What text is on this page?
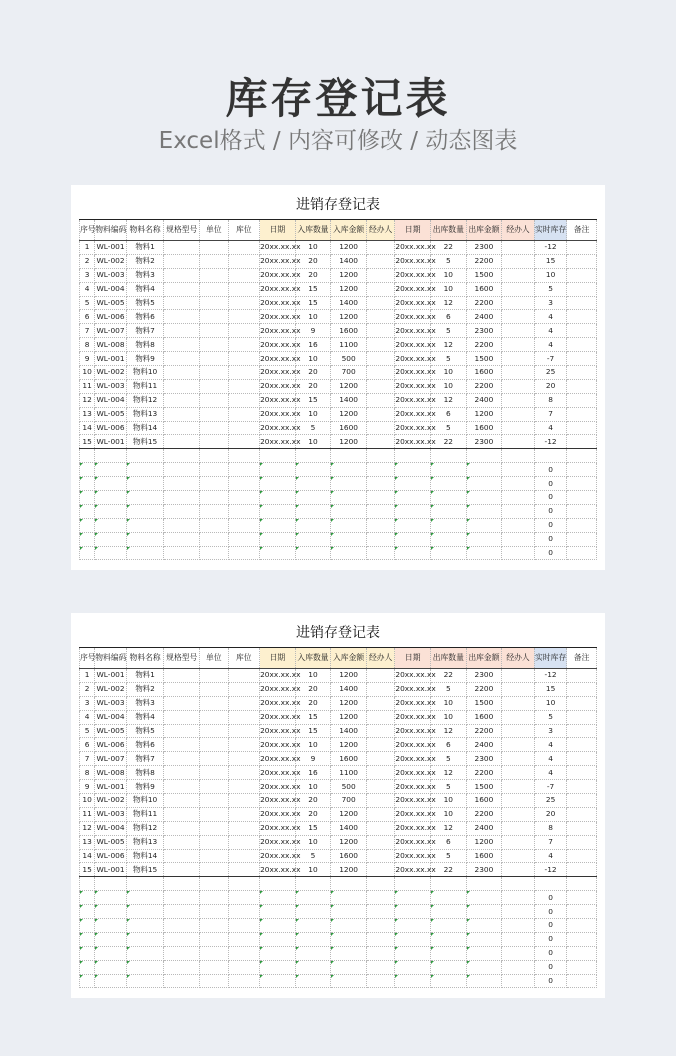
库存登记表
Excel格式 / 内容可修改 / 动态图表
进销存登记表
序号	物料编码	物料名称	规格型号	单位	库位	日期	入库数量	入库金额	经办人	日期	出库数量	出库金额	经办人	实时库存	备注
1	WL-001	物料1				20xx.xx.xx	10	1200		20xx.xx.xx	22	2300		-12	
2	WL-002	物料2				20xx.xx.xx	20	1400		20xx.xx.xx	5	2200		15	
3	WL-003	物料3				20xx.xx.xx	20	1200		20xx.xx.xx	10	1500		10	
4	WL-004	物料4				20xx.xx.xx	15	1200		20xx.xx.xx	10	1600		5	
5	WL-005	物料5				20xx.xx.xx	15	1400		20xx.xx.xx	12	2200		3	
6	WL-006	物料6				20xx.xx.xx	10	1200		20xx.xx.xx	6	2400		4	
7	WL-007	物料7				20xx.xx.xx	9	1600		20xx.xx.xx	5	2300		4	
8	WL-008	物料8				20xx.xx.xx	16	1100		20xx.xx.xx	12	2200		4	
9	WL-001	物料9				20xx.xx.xx	10	500		20xx.xx.xx	5	1500		-7	
10	WL-002	物料10				20xx.xx.xx	20	700		20xx.xx.xx	10	1600		25	
11	WL-003	物料11				20xx.xx.xx	20	1200		20xx.xx.xx	10	2200		20	
12	WL-004	物料12				20xx.xx.xx	15	1400		20xx.xx.xx	12	2400		8	
13	WL-005	物料13				20xx.xx.xx	10	1200		20xx.xx.xx	6	1200		7	
14	WL-006	物料14				20xx.xx.xx	5	1600		20xx.xx.xx	5	1600		4	
15	WL-001	物料15				20xx.xx.xx	10	1200		20xx.xx.xx	22	2300		-12	

														0	
														0	
														0	
														0	
														0	
														0	
														0	
进销存登记表
序号	物料编码	物料名称	规格型号	单位	库位	日期	入库数量	入库金额	经办人	日期	出库数量	出库金额	经办人	实时库存	备注
1	WL-001	物料1				20xx.xx.xx	10	1200		20xx.xx.xx	22	2300		-12	
2	WL-002	物料2				20xx.xx.xx	20	1400		20xx.xx.xx	5	2200		15	
3	WL-003	物料3				20xx.xx.xx	20	1200		20xx.xx.xx	10	1500		10	
4	WL-004	物料4				20xx.xx.xx	15	1200		20xx.xx.xx	10	1600		5	
5	WL-005	物料5				20xx.xx.xx	15	1400		20xx.xx.xx	12	2200		3	
6	WL-006	物料6				20xx.xx.xx	10	1200		20xx.xx.xx	6	2400		4	
7	WL-007	物料7				20xx.xx.xx	9	1600		20xx.xx.xx	5	2300		4	
8	WL-008	物料8				20xx.xx.xx	16	1100		20xx.xx.xx	12	2200		4	
9	WL-001	物料9				20xx.xx.xx	10	500		20xx.xx.xx	5	1500		-7	
10	WL-002	物料10				20xx.xx.xx	20	700		20xx.xx.xx	10	1600		25	
11	WL-003	物料11				20xx.xx.xx	20	1200		20xx.xx.xx	10	2200		20	
12	WL-004	物料12				20xx.xx.xx	15	1400		20xx.xx.xx	12	2400		8	
13	WL-005	物料13				20xx.xx.xx	10	1200		20xx.xx.xx	6	1200		7	
14	WL-006	物料14				20xx.xx.xx	5	1600		20xx.xx.xx	5	1600		4	
15	WL-001	物料15				20xx.xx.xx	10	1200		20xx.xx.xx	22	2300		-12	

														0	
														0	
														0	
														0	
														0	
														0	
														0	
